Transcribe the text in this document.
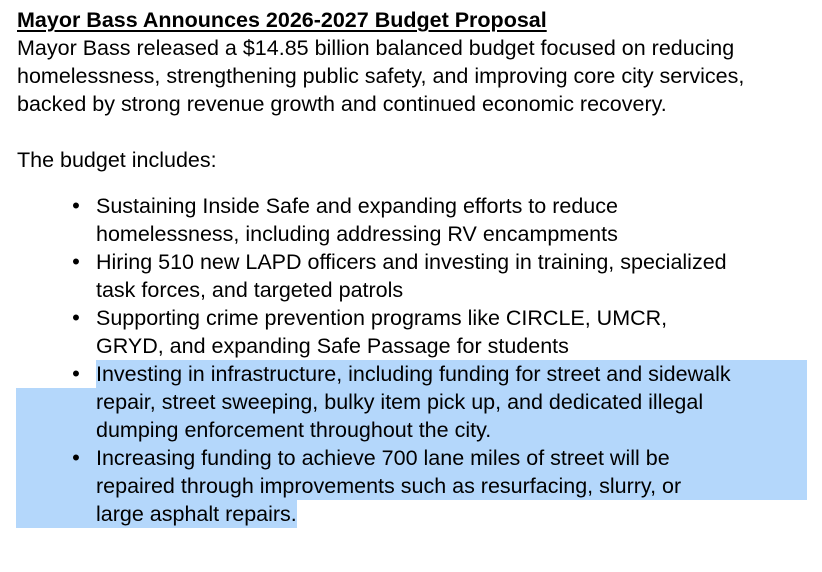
Mayor Bass Announces 2026-2027 Budget Proposal
Mayor Bass released a $14.85 billion balanced budget focused on reducing homelessness, strengthening public safety, and improving core city services, backed by strong revenue growth and continued economic recovery.
The budget includes:
• Sustaining Inside Safe and expanding efforts to reduce
homelessness, including addressing RV encampments
• Hiring 510 new LAPD officers and investing in training, specialized
task forces, and targeted patrols
• Supporting crime prevention programs like CIRCLE, UMCR,
GRYD, and expanding Safe Passage for students
• Investing in infrastructure, including funding for street and sidewalk
repair, street sweeping, bulky item pick up, and dedicated illegal
dumping enforcement throughout the city.
• Increasing funding to achieve 700 lane miles of street will be
repaired through improvements such as resurfacing, slurry, or
large asphalt repairs.
